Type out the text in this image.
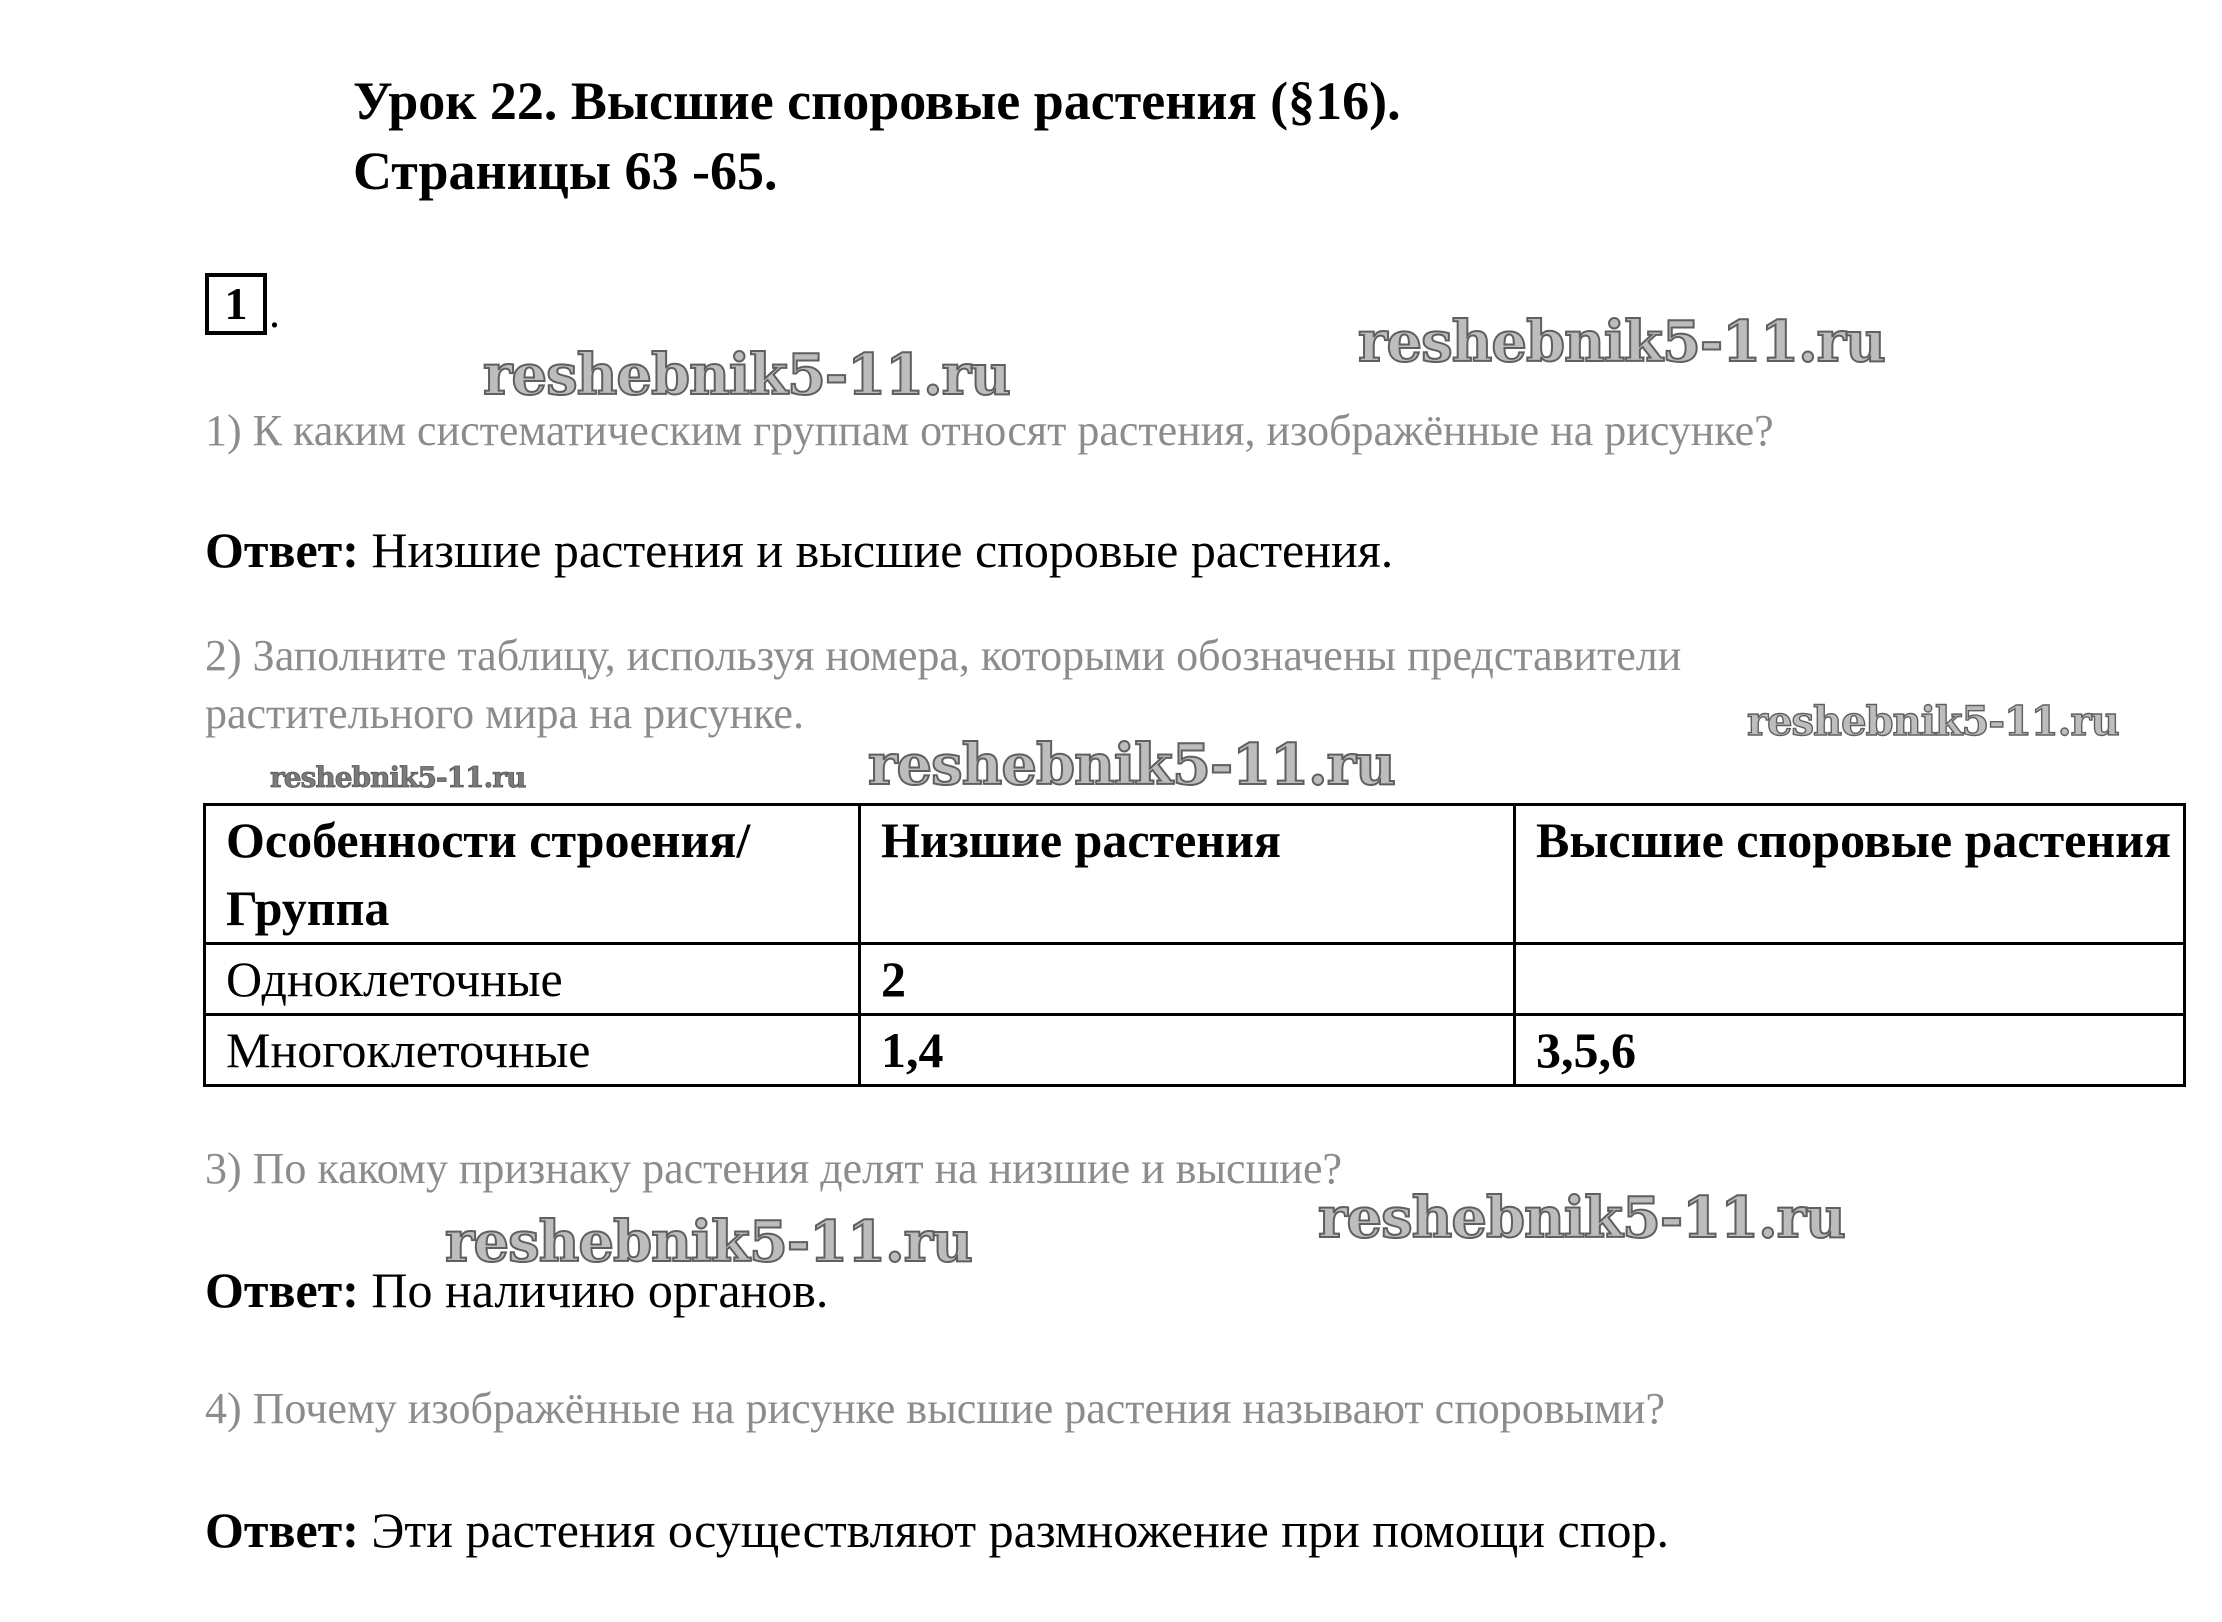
Урок 22. Высшие споровые растения (§16).
Страницы 63 -65.
1 .
reshebnik5-11.ru	reshebnik5-11.ru
reshebnik5-11.ru
reshebnik5-11.ru	reshebnik5-11.ru
reshebnik5-11.ru	reshebnik5-11.ru
1) К каким систематическим группам относят растения, изображённые на рисунке?
Ответ: Низшие растения и высшие споровые растения.
2) Заполните таблицу, используя номера, которыми обозначены представители
растительного мира на рисунке.
Особенности строения/Группа	Низшие растения	Высшие споровые растения
Одноклеточные	2	
Многоклеточные	1,4	3,5,6
3) По какому признаку растения делят на низшие и высшие?
Ответ: По наличию органов.
4) Почему изображённые на рисунке высшие растения называют споровыми?
Ответ: Эти растения осуществляют размножение при помощи спор.
